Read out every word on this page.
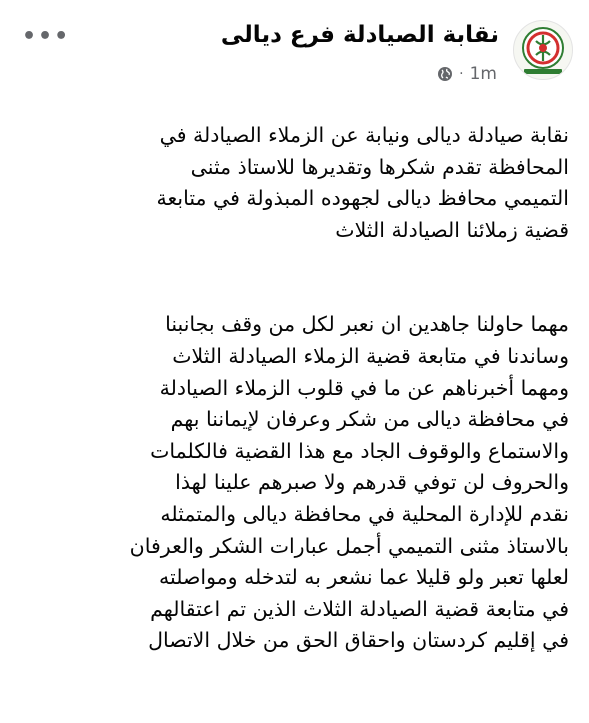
•••	نقابة الصيادلة فرع ديالى
1m
·
نقابة صيادلة ديالى ونيابة عن الزملاء الصيادلة في
المحافظة تقدم شكرها وتقديرها للاستاذ مثنى
التميمي محافظ ديالى لجهوده المبذولة في متابعة
قضية زملائنا الصيادلة الثلاث
مهما حاولنا جاهدين ان نعبر لكل من وقف بجانبنا
وساندنا في متابعة قضية الزملاء الصيادلة الثلاث
ومهما أخبرناهم عن ما في قلوب الزملاء الصيادلة
في محافظة ديالى من شكر وعرفان لإيماننا بهم
والاستماع والوقوف الجاد مع هذا القضية فالكلمات
والحروف لن توفي قدرهم ولا صبرهم علينا لهذا
نقدم للإدارة المحلية في محافظة ديالى والمتمثله
بالاستاذ مثنى التميمي أجمل عبارات الشكر والعرفان
لعلها تعبر ولو قليلا عما نشعر به لتدخله ومواصلته
في متابعة قضية الصيادلة الثلاث الذين تم اعتقالهم
في إقليم كردستان واحقاق الحق من خلال الاتصال
